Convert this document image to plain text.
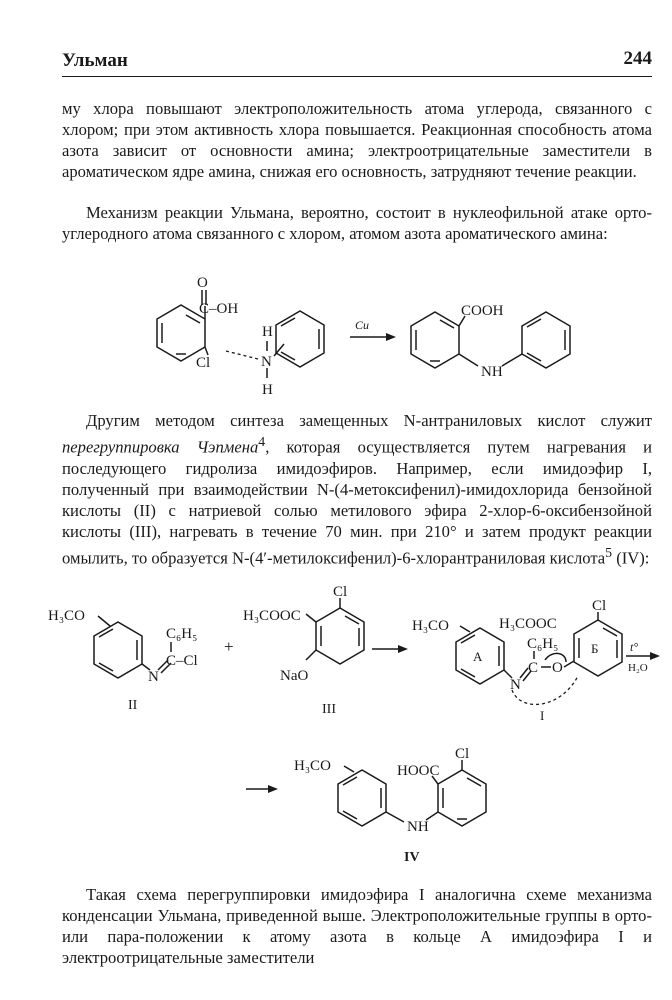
Ульман	244
му хлора повышают электроположительность атома углерода, связанного с хлором; при этом активность хлора повышается. Реакционная способность атома азота зависит от основности амина; электроотрицательные заместители в ароматическом ядре амина, снижая его основность, затрудняют течение реакции.
Механизм реакции Ульмана, вероятно, состоит в нуклеофильной атаке орто-углеродного атома связанного с хлором, атомом азота ароматического амина:
Другим методом синтеза замещенных N-антраниловых кислот служит перегруппировка Чэпмена$^4$, которая осуществляется путем нагревания и последующего гидролиза имидоэфиров. Например, если имидоэфир I, полученный при взаимодействии N-(4-метоксифенил)-имидохлорида бензойной кислоты (II) с натриевой солью метилового эфира 2-хлор-6-оксибензойной кислоты (III), нагревать в течение 70 мин. при 210° и затем продукт реакции омылить, то образуется N-(4′-метилоксифенил)-6-хлорантраниловая кислота$^5$ (IV):
Такая схема перегруппировки имидоэфира I аналогична схеме механизма конденсации Ульмана, приведенной выше. Электроположительные группы в орто- или пара-положении к атому азота в кольце А имидоэфира I и электроотрицательные заместители
O
C–OH
Cl
H
N
H
Cu
COOH
NH
H₃CO
N
C₆H₅
C–Cl
II
+
H₃COOC
Cl
NaO
III
H₃CO
А
N
H₃COOC
C₆H₅
C O
Б
Cl
I
t°
H₂O
H₃CO
NH
HOOC
Cl
IV
